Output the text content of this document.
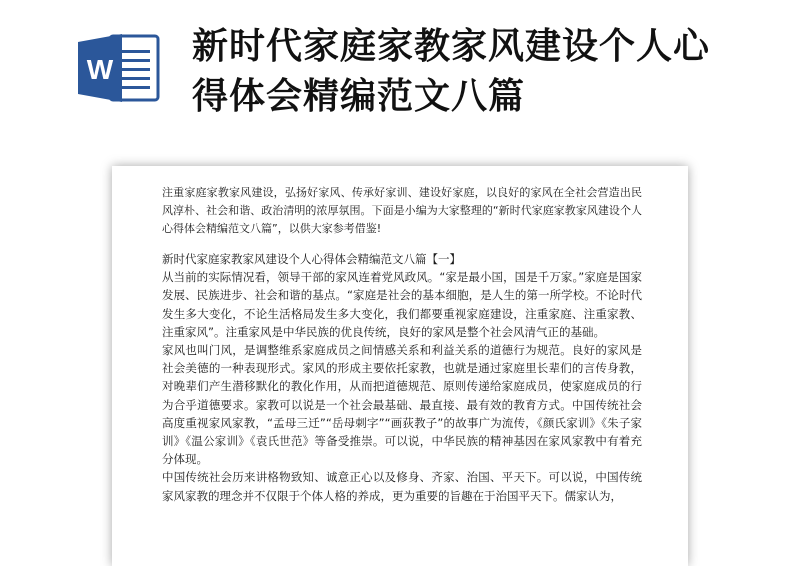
W
新时代家庭家教家风建设个人心
得体会精编范文八篇

注重家庭家教家风建设，弘扬好家风、传承好家训、建设好家庭，以良好的家风在全社会营造出民风淳朴、社会和谐、政治清明的浓厚氛围。下面是小编为大家整理的“新时代家庭家教家风建设个人心得体会精编范文八篇”，以供大家参考借鉴!

新时代家庭家教家风建设个人心得体会精编范文八篇【一】

从当前的实际情况看，领导干部的家风连着党风政风。“家是最小国，国是千万家。”家庭是国家发展、民族进步、社会和谐的基点。“家庭是社会的基本细胞，是人生的第一所学校。不论时代发生多大变化，不论生活格局发生多大变化，我们都要重视家庭建设，注重家庭、注重家教、注重家风”。注重家风是中华民族的优良传统，良好的家风是整个社会风清气正的基础。

家风也叫门风，是调整维系家庭成员之间情感关系和利益关系的道德行为规范。良好的家风是社会美德的一种表现形式。家风的形成主要依托家教，也就是通过家庭里长辈们的言传身教，对晚辈们产生潜移默化的教化作用，从而把道德规范、原则传递给家庭成员，使家庭成员的行为合乎道德要求。家教可以说是一个社会最基础、最直接、最有效的教育方式。中国传统社会高度重视家风家教，“孟母三迁”“岳母刺字”“画荻教子”的故事广为流传，《颜氏家训》《朱子家训》《温公家训》《袁氏世范》等备受推崇。可以说，中华民族的精神基因在家风家教中有着充分体现。

中国传统社会历来讲格物致知、诚意正心以及修身、齐家、治国、平天下。可以说，中国传统家风家教的理念并不仅限于个体人格的养成，更为重要的旨趣在于治国平天下。儒家认为，
